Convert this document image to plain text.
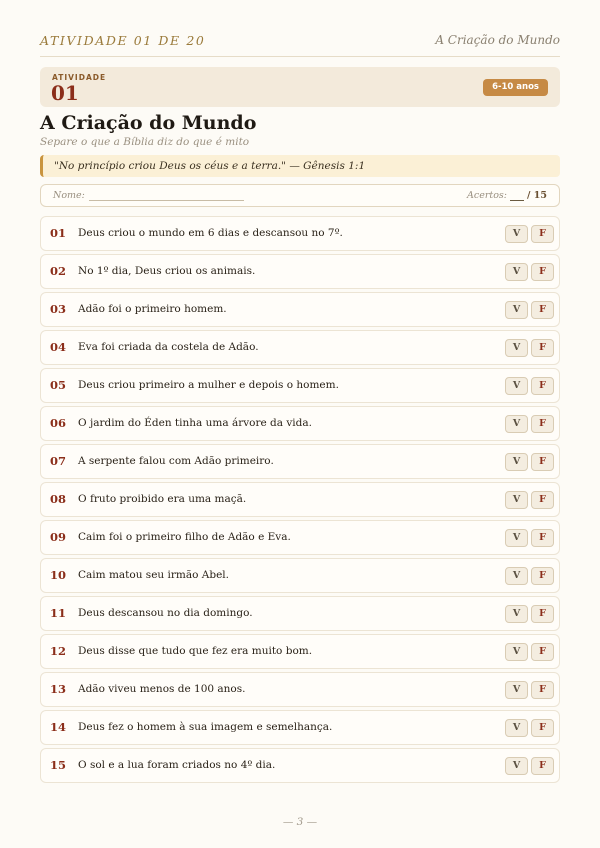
ATIVIDADE 01 DE 20	A Criação do Mundo
ATIVIDADE
01	6-10 anos
A Criação do Mundo
Separe o que a Bíblia diz do que é mito
"No princípio criou Deus os céus e a terra." — Gênesis 1:1
Nome:	Acertos: / 15
01 Deus criou o mundo em 6 dias e descansou no 7º.	V	F
02 No 1º dia, Deus criou os animais.	V	F
03 Adão foi o primeiro homem.	V	F
04 Eva foi criada da costela de Adão.	V	F
05 Deus criou primeiro a mulher e depois o homem.	V	F
06 O jardim do Éden tinha uma árvore da vida.	V	F
07 A serpente falou com Adão primeiro.	V	F
08 O fruto proibido era uma maçã.	V	F
09 Caim foi o primeiro filho de Adão e Eva.	V	F
10 Caim matou seu irmão Abel.	V	F
11 Deus descansou no dia domingo.	V	F
12 Deus disse que tudo que fez era muito bom.	V	F
13 Adão viveu menos de 100 anos.	V	F
14 Deus fez o homem à sua imagem e semelhança.	V	F
15 O sol e a lua foram criados no 4º dia.	V	F
— 3 —
